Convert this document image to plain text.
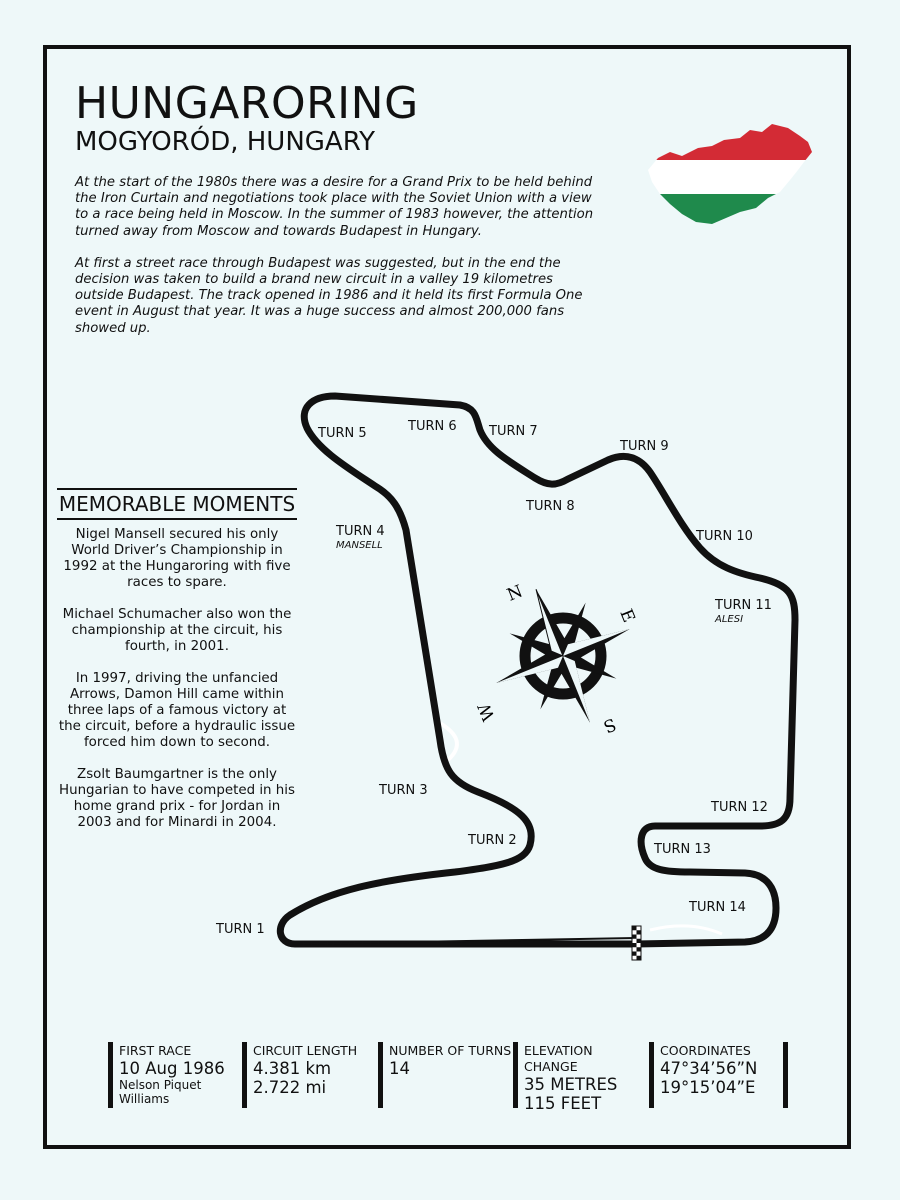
HUNGARORING
MOGYORÓD, HUNGARY

At the start of the 1980s there was a desire for a Grand Prix to be held behind the Iron Curtain and negotiations took place with the Soviet Union with a view to a race being held in Moscow. In the summer of 1983 however, the attention turned away from Moscow and towards Budapest in Hungary.

At first a street race through Budapest was suggested, but in the end the decision was taken to build a brand new circuit in a valley 19 kilometres outside Budapest. The track opened in 1986 and it held its first Formula One event in August that year. It was a huge success and almost 200,000 fans showed up.

MEMORABLE MOMENTS

Nigel Mansell secured his only World Driver’s Championship in 1992 at the Hungaroring with five races to spare.

Michael Schumacher also won the championship at the circuit, his fourth, in 2001.

In 1997, driving the unfancied Arrows, Damon Hill came within three laps of a famous victory at the circuit, before a hydraulic issue forced him down to second.

Zsolt Baumgartner is the only Hungarian to have competed in his home grand prix - for Jordan in 2003 and for Minardi in 2004.

N
E
S
W
TURN 1
TURN 2
TURN 3
TURN 4
MANSELL
TURN 5	TURN 6 TURN 7
TURN 8
TURN 9
TURN 10
TURN 11
ALESI
TURN 12
TURN 13
TURN 14
FIRST RACE
10 Aug 1986
Nelson Piquet
Williams
CIRCUIT LENGTH
4.381 km
2.722 mi
NUMBER OF TURNS
14
ELEVATION CHANGE
35 METRES
115 FEET
COORDINATES
47°34’56”N
19°15’04”E
